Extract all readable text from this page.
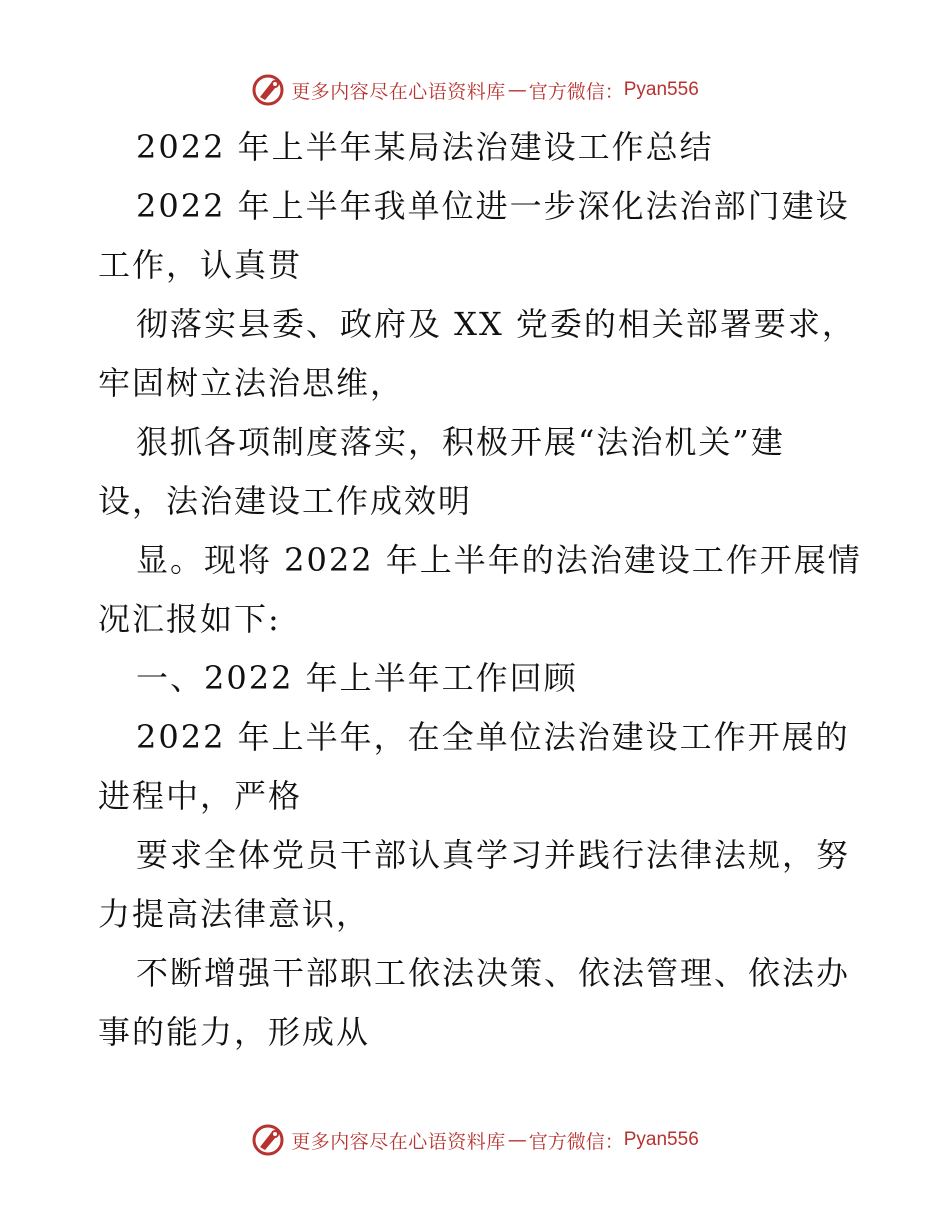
更多内容尽在心语资料库 — 官方微信： Pyan556
2022 年上半年某局法治建设工作总结
2022 年上半年我单位进一步深化法治部门建设
工作，认真贯
彻落实县委、政府及 XX 党委的相关部署要求，
牢固树立法治思维，
狠抓各项制度落实，积极开展“法治机关”建
设，法治建设工作成效明
显。现将 2022 年上半年的法治建设工作开展情
况汇报如下:
一、2022 年上半年工作回顾
2022 年上半年，在全单位法治建设工作开展的
进程中，严格
要求全体党员干部认真学习并践行法律法规，努
力提高法律意识，
不断增强干部职工依法决策、依法管理、依法办
事的能力，形成从
更多内容尽在心语资料库 — 官方微信： Pyan556
